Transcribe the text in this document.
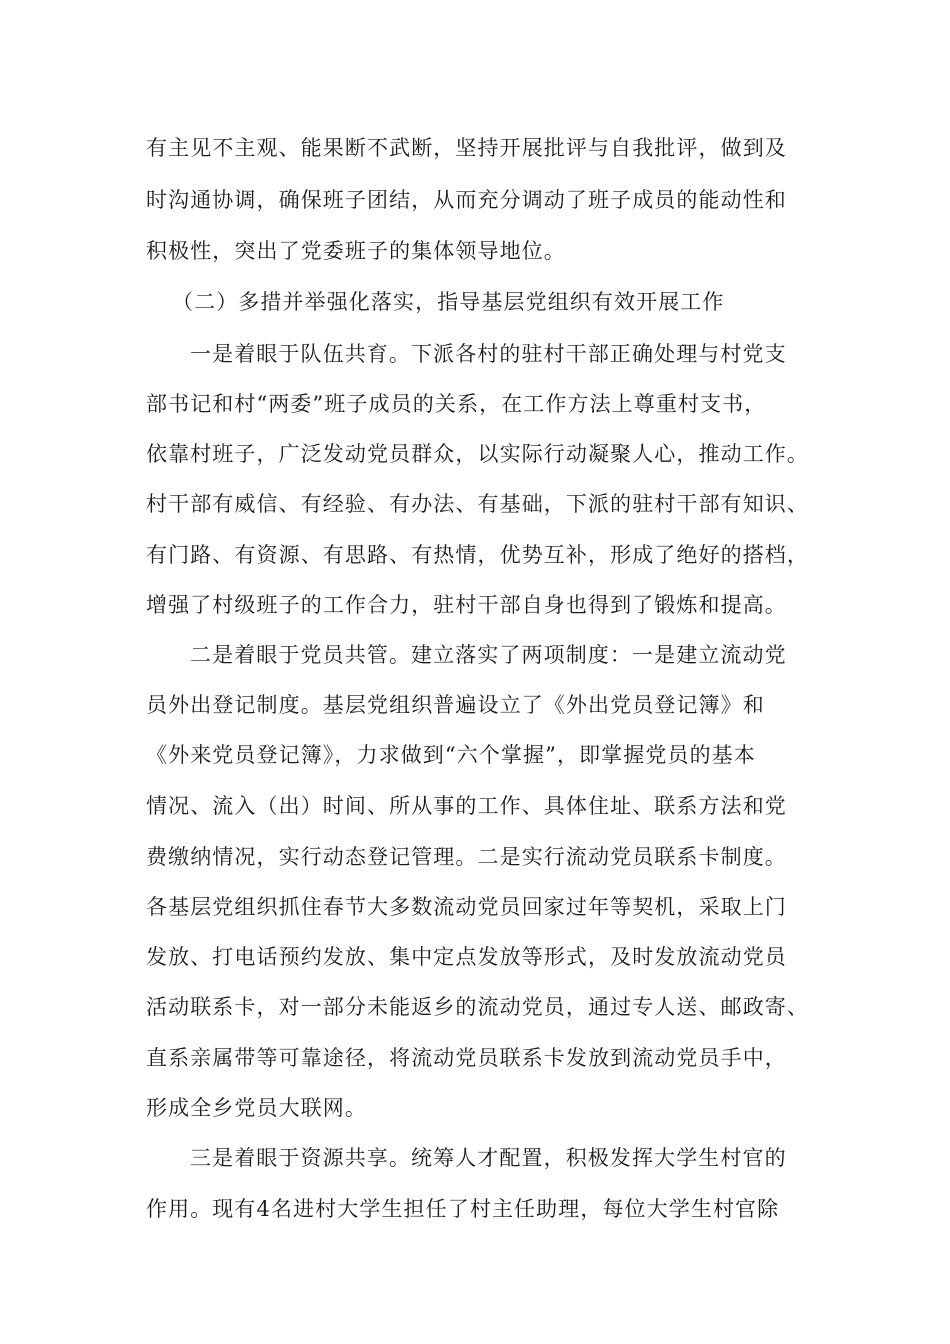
有主见不主观、能果断不武断，坚持开展批评与自我批评，做到及
时沟通协调，确保班子团结，从而充分调动了班子成员的能动性和
积极性，突出了党委班子的集体领导地位。
（二）多措并举强化落实，指导基层党组织有效开展工作
一是着眼于队伍共育。下派各村的驻村干部正确处理与村党支
部书记和村“两委”班子成员的关系，在工作方法上尊重村支书，
依靠村班子，广泛发动党员群众，以实际行动凝聚人心，推动工作。
村干部有威信、有经验、有办法、有基础，下派的驻村干部有知识、
有门路、有资源、有思路、有热情，优势互补，形成了绝好的搭档，
增强了村级班子的工作合力，驻村干部自身也得到了锻炼和提高。
二是着眼于党员共管。建立落实了两项制度：一是建立流动党
员外出登记制度。基层党组织普遍设立了《外出党员登记簿》和
《外来党员登记簿》，力求做到“六个掌握”，即掌握党员的基本
情况、流入（出）时间、所从事的工作、具体住址、联系方法和党
费缴纳情况，实行动态登记管理。二是实行流动党员联系卡制度。
各基层党组织抓住春节大多数流动党员回家过年等契机，采取上门
发放、打电话预约发放、集中定点发放等形式，及时发放流动党员
活动联系卡，对一部分未能返乡的流动党员，通过专人送、邮政寄、
直系亲属带等可靠途径，将流动党员联系卡发放到流动党员手中，
形成全乡党员大联网。
三是着眼于资源共享。统筹人才配置，积极发挥大学生村官的
作用。现有4名进村大学生担任了村主任助理，每位大学生村官除
